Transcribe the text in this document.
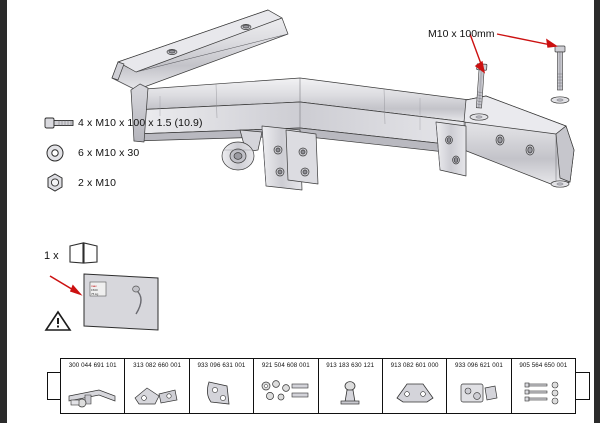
M10 x 100mm
4 x M10 x 100 x 1.5 (10.9)
6 x M10 x 30
2 x M10
1 x
max
1500
75 kg
300 044 691 101	313 082 660 001	933 096 631 001	921 504 608 001	913 183 630 121	913 082 601 000	933 096 621 001	905 564 650 001
